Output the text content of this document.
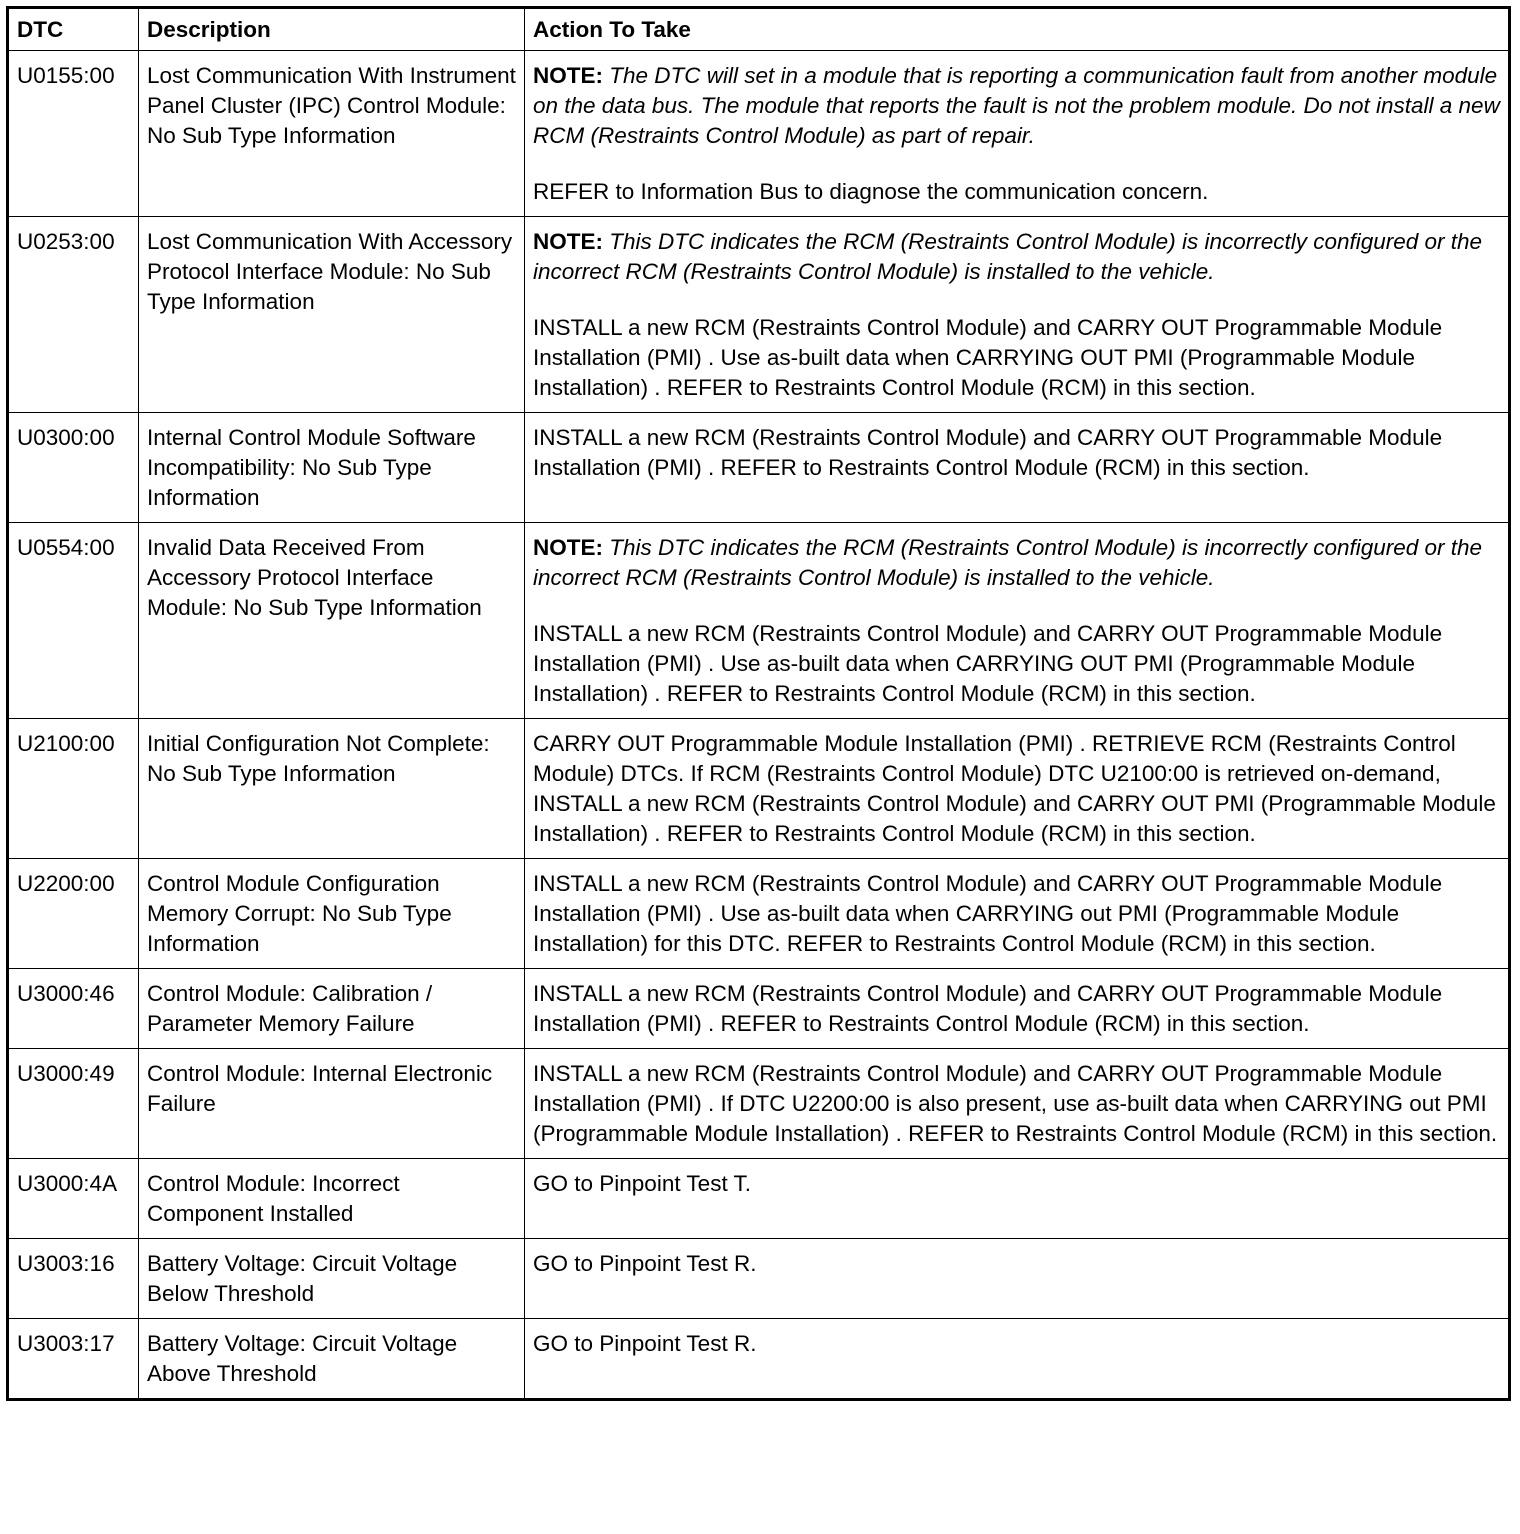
DTC	Description	Action To Take
U0155:00	Lost Communication With Instrument Panel Cluster (IPC) Control Module: No Sub Type Information	NOTE: The DTC will set in a module that is reporting a communication fault from another module on the data bus. The module that reports the fault is not the problem module. Do not install a new RCM (Restraints Control Module) as part of repair.

REFER to Information Bus to diagnose the communication concern.

U0253:00	Lost Communication With Accessory Protocol Interface Module: No Sub Type Information	NOTE: This DTC indicates the RCM (Restraints Control Module) is incorrectly configured or the incorrect RCM (Restraints Control Module) is installed to the vehicle.

INSTALL a new RCM (Restraints Control Module) and CARRY OUT Programmable Module Installation (PMI) . Use as-built data when CARRYING OUT PMI (Programmable Module Installation) . REFER to Restraints Control Module (RCM) in this section.

U0300:00	Internal Control Module Software Incompatibility: No Sub Type Information	INSTALL a new RCM (Restraints Control Module) and CARRY OUT Programmable Module Installation (PMI) . REFER to Restraints Control Module (RCM) in this section.

U0554:00	Invalid Data Received From Accessory Protocol Interface Module: No Sub Type Information	NOTE: This DTC indicates the RCM (Restraints Control Module) is incorrectly configured or the incorrect RCM (Restraints Control Module) is installed to the vehicle.

INSTALL a new RCM (Restraints Control Module) and CARRY OUT Programmable Module Installation (PMI) . Use as-built data when CARRYING OUT PMI (Programmable Module Installation) . REFER to Restraints Control Module (RCM) in this section.

U2100:00	Initial Configuration Not Complete: No Sub Type Information	CARRY OUT Programmable Module Installation (PMI) . RETRIEVE RCM (Restraints Control Module) DTCs. If RCM (Restraints Control Module) DTC U2100:00 is retrieved on-demand, INSTALL a new RCM (Restraints Control Module) and CARRY OUT PMI (Programmable Module Installation) . REFER to Restraints Control Module (RCM) in this section.

U2200:00	Control Module Configuration Memory Corrupt: No Sub Type Information	INSTALL a new RCM (Restraints Control Module) and CARRY OUT Programmable Module Installation (PMI) . Use as-built data when CARRYING out PMI (Programmable Module Installation) for this DTC. REFER to Restraints Control Module (RCM) in this section.

U3000:46	Control Module: Calibration / Parameter Memory Failure	INSTALL a new RCM (Restraints Control Module) and CARRY OUT Programmable Module Installation (PMI) . REFER to Restraints Control Module (RCM) in this section.

U3000:49	Control Module: Internal Electronic Failure	INSTALL a new RCM (Restraints Control Module) and CARRY OUT Programmable Module Installation (PMI) . If DTC U2200:00 is also present, use as-built data when CARRYING out PMI (Programmable Module Installation) . REFER to Restraints Control Module (RCM) in this section.

U3000:4A	Control Module: Incorrect Component Installed	GO to Pinpoint Test T.

U3003:16	Battery Voltage: Circuit Voltage Below Threshold	GO to Pinpoint Test R.

U3003:17	Battery Voltage: Circuit Voltage Above Threshold	GO to Pinpoint Test R.
